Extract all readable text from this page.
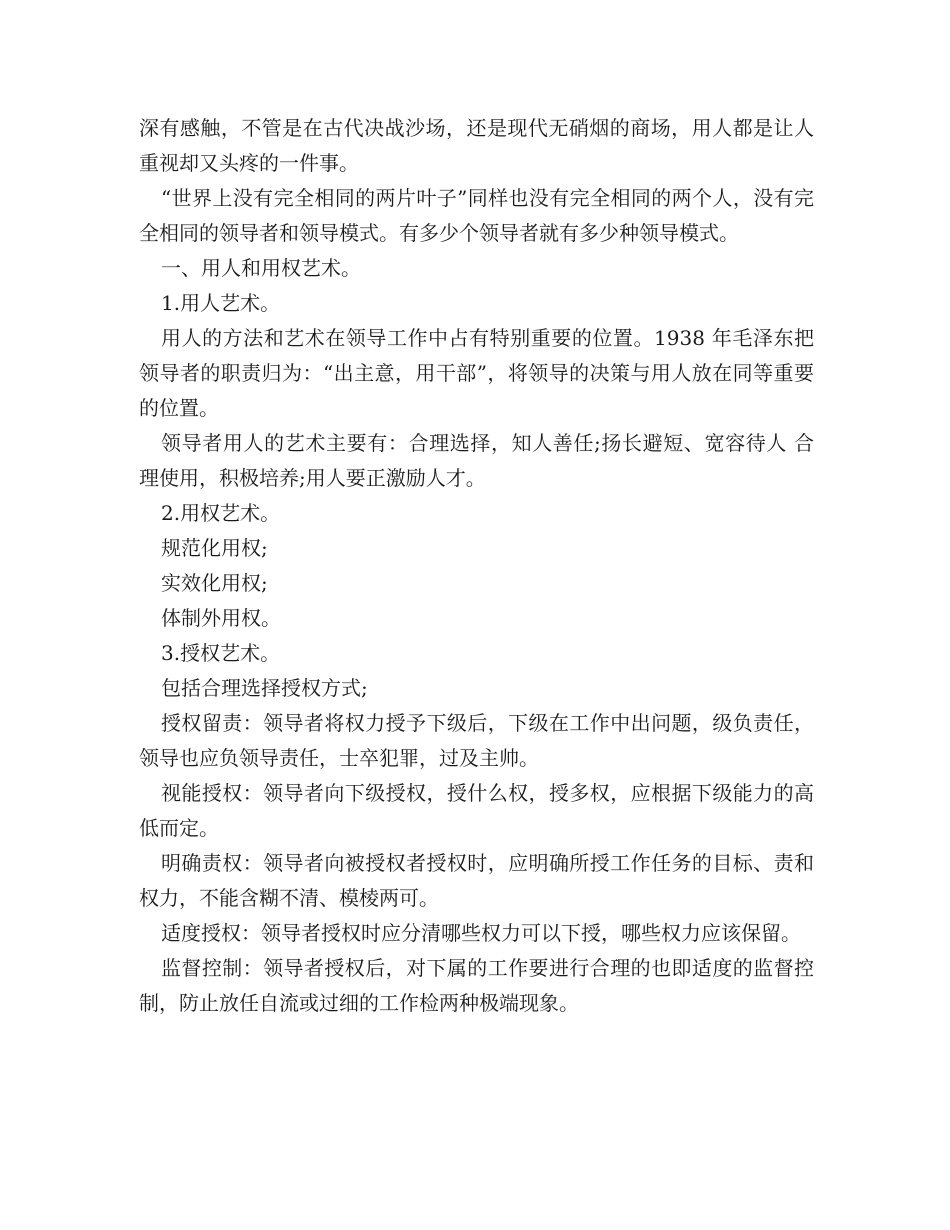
深有感触，不管是在古代决战沙场，还是现代无硝烟的商场，用人都是让人重视却又头疼的一件事。

“世界上没有完全相同的两片叶子”同样也没有完全相同的两个人，没有完全相同的领导者和领导模式。有多少个领导者就有多少种领导模式。

一、用人和用权艺术。

1.用人艺术。

用人的方法和艺术在领导工作中占有特别重要的位置。1938 年毛泽东把领导者的职责归为：“出主意，用干部”，将领导的决策与用人放在同等重要的位置。

领导者用人的艺术主要有：合理选择，知人善任;扬长避短、宽容待人 合理使用，积极培养;用人要正激励人才。

2.用权艺术。

规范化用权;

实效化用权;

体制外用权。

3.授权艺术。

包括合理选择授权方式;

授权留责：领导者将权力授予下级后，下级在工作中出问题，级负责任，领导也应负领导责任，士卒犯罪，过及主帅。

视能授权：领导者向下级授权，授什么权，授多权，应根据下级能力的高低而定。

明确责权：领导者向被授权者授权时，应明确所授工作任务的目标、责和权力，不能含糊不清、模棱两可。

适度授权：领导者授权时应分清哪些权力可以下授，哪些权力应该保留。

监督控制：领导者授权后，对下属的工作要进行合理的也即适度的监督控制，防止放任自流或过细的工作检两种极端现象。
